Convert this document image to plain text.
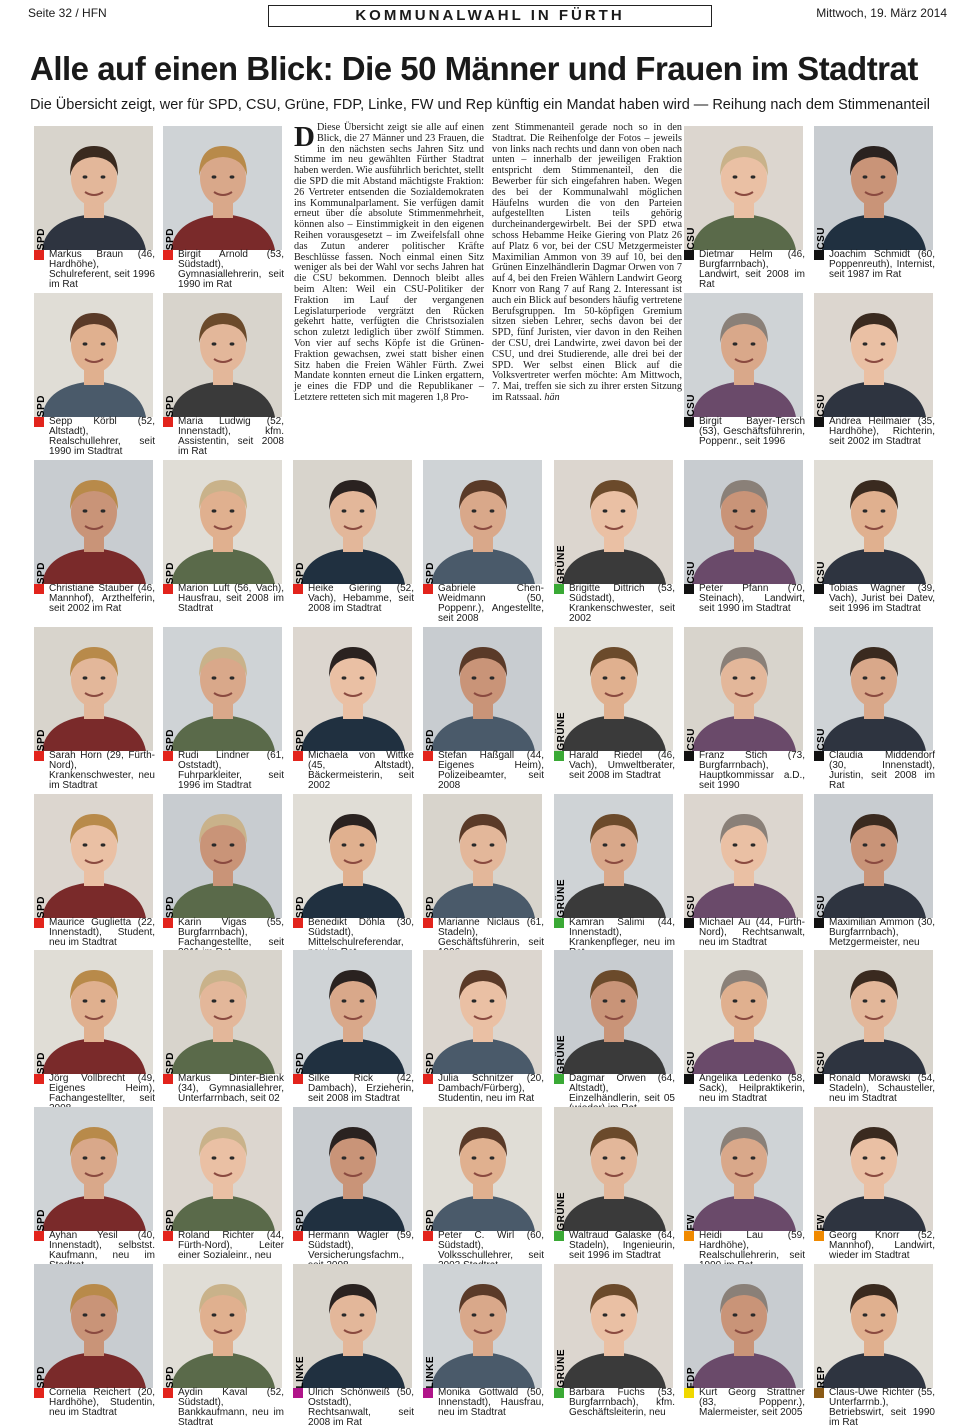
Seite 32 / HFN	KOMMUNALWAHL IN FÜRTH	Mittwoch, 19. März 2014
Alle auf einen Blick: Die 50 Männer und Frauen im Stadtrat
Die Übersicht zeigt, wer für SPD, CSU, Grüne, FDP, Linke, FW und Rep künftig ein Mandat haben wird — Reihung nach dem Stimmenanteil

D Diese Übersicht zeigt sie alle auf einen Blick, die 27 Männer und 23 Frauen, die in den nächsten sechs Jahren Sitz und Stimme im neu gewählten Fürther Stadtrat haben werden. Wie ausführlich berichtet, stellt die SPD die mit Abstand mächtigste Fraktion: 26 Vertreter entsenden die Sozialdemokraten ins Kommunalparlament. Sie verfügen damit erneut über die absolute Stimmenmehrheit, können also – Einstimmigkeit in den eigenen Reihen vorausgesetzt – im Zweifelsfall ohne das Zutun anderer politischer Kräfte Beschlüsse fassen. Noch einmal einen Sitz weniger als bei der Wahl vor sechs Jahren hat die CSU bekommen. Dennoch bleibt alles beim Alten: Weil ein CSU-Politiker der Fraktion im Lauf der vergangenen Legislaturperiode vergrätzt den Rücken gekehrt hatte, verfügten die Christsozialen schon zuletzt lediglich über zwölf Stimmen. Von vier auf sechs Köpfe ist die Grünen-Fraktion gewachsen, zwei statt bisher einen Sitz haben die Freien Wähler Fürth. Zwei Mandate konnten erneut die Linken ergattern, je eines die FDP und die Republikaner – Letztere retteten sich mit mageren 1,8 Pro-

zent Stimmenanteil gerade noch so in den Stadtrat. Die Reihenfolge der Fotos – jeweils von links nach rechts und dann von oben nach unten – innerhalb der jeweiligen Fraktion entspricht dem Stimmenanteil, den die Bewerber für sich eingefahren haben. Wegen des bei der Kommunalwahl möglichen Häufelns wurden die von den Parteien aufgestellten Listen teils gehörig durcheinandergewirbelt. Bei der SPD etwa schoss Hebamme Heike Giering von Platz 26 auf Platz 6 vor, bei der CSU Metzgermeister Maximilian Ammon von 39 auf 10, bei den Grünen Einzelhändlerin Dagmar Orwen von 7 auf 4, bei den Freien Wählern Landwirt Georg Knorr von Rang 7 auf Rang 2. Interessant ist auch ein Blick auf besonders häufig vertretene Berufsgruppen. Im 50-köpfigen Gremium sitzen sieben Lehrer, sechs davon bei der SPD, fünf Juristen, vier davon in den Reihen der CSU, drei Landwirte, zwei davon bei der CSU, und drei Studierende, alle drei bei der SPD. Wer selbst einen Blick auf die Volksvertreter werfen möchte: Am Mittwoch, 7. Mai, treffen sie sich zu ihrer ersten Sitzung im Ratssaal. hän

SPD
Markus Braun (46, Hardhöhe), Schulreferent, seit 1996 im Rat
SPD
Birgit Arnold (53, Südstadt), Gymnasiallehrerin, seit 1990 im Rat
CSU
Dietmar Helm (46, Burgfarrnbach), Landwirt, seit 2008 im Rat
CSU
Joachim Schmidt (60, Poppenreuth), Internist, seit 1987 im Rat
SPD
Sepp Körbl (52, Altstadt), Realschullehrer, seit 1990 im Stadtrat
SPD
Maria Ludwig (52, Innenstadt), kfm. Assistentin, seit 2008 im Rat
CSU
Birgit Bayer-Tersch (53), Geschäftsführerin, Poppenr., seit 1996
CSU
Andrea Heilmaier (35, Hardhöhe), Richterin, seit 2002 im Stadtrat
SPD
Christiane Stauber (46, Mannhof), Arzthelferin, seit 2002 im Rat
SPD
Marion Luft (56, Vach), Hausfrau, seit 2008 im Stadtrat
SPD
Heike Giering (52, Vach), Hebamme, seit 2008 im Stadtrat
SPD
Gabriele Chen-Weidmann (50, Poppenr.), Angestellte, seit 2008
GRÜNE
Brigitte Dittrich (53, Südstadt), Krankenschwester, seit 2002
CSU
Peter Pfann (70, Steinach), Landwirt, seit 1990 im Stadtrat
CSU
Tobias Wagner (39, Vach), Jurist bei Datev, seit 1996 im Stadtrat
SPD
Sarah Horn (29, Fürth-Nord), Krankenschwester, neu im Stadtrat
SPD
Rudi Lindner (61, Oststadt), Fuhrparkleiter, seit 1996 im Stadtrat
SPD
Michaela von Wittke (45, Altstadt), Bäckermeisterin, seit 2002
SPD
Stefan Haßgall (44, Eigenes Heim), Polizeibeamter, seit 2008
GRÜNE
Harald Riedel (46, Vach), Umweltberater, seit 2008 im Stadtrat
CSU
Franz Stich (73, Burgfarrnbach), Hauptkommissar a.D., seit 1990
CSU
Claudia Middendorf (30, Innenstadt), Juristin, seit 2008 im Rat
SPD
Maurice Guglietta (22, Innenstadt), Student, neu im Stadtrat
SPD
Karin Vigas (55, Burgfarrnbach), Fachangestellte, seit
SPD
Benedikt Döhla (30, Südstadt), Mittelschulreferendar,
SPD
Marianne Niclaus (61, Stadeln), Geschäftsführerin, seit
GRÜNE
Kamran Salimi (44, Innenstadt), Krankenpfleger, neu im
CSU
Michael Au (44, Fürth-Nord), Rechtsanwalt, neu im Stadtrat
CSU
Maximilian Ammon (30, Burgfarrnbach), Metzgermeister, neu
SPD
Jörg Vollbrecht (49, Eigenes Heim), Fachangestellter, seit
SPD
Markus Dinter-Bienk (34), Gymnasiallehrer, Unterfarrnbach, seit 02
SPD
Silke Rick (42, Dambach), Erzieherin, seit 2008 im Stadtrat
SPD
Julia Schnitzer (20, Dambach/Fürberg), Studentin, neu im Rat
GRÜNE
Dagmar Orwen (64, Altstadt), Einzelhändlerin, seit 05
CSU
Angelika Ledenko (58, Sack), Heilpraktikerin, neu im Stadtrat
CSU
Ronald Morawski (54, Stadeln), Schausteller, neu im Stadtrat
SPD
Ayhan Yesil (40, Innenstadt), selbstst. Kaufmann, neu im
SPD
Roland Richter (44, Fürth-Nord), Leiter einer Sozialeinr., neu
SPD
Hermann Wagler (59, Südstadt), Versicherungsfachm.,
SPD
Peter C. Wirl (60, Südstadt), Volksschullehrer, seit
GRÜNE
Waltraud Galaske (64, Stadeln), Ingenieurin, seit 1996 im Stadtrat
FW
Heidi Lau (59, Hardhöhe), Realschullehrerin, seit
FW
Georg Knorr (52, Mannhof), Landwirt, wieder im Stadtrat
SPD
Cornelia Reichert (20, Hardhöhe), Studentin, neu im Stadtrat
SPD
Aydin Kaval (52, Südstadt), Bankkaufmann, neu im Stadtrat
LINKE
Ulrich Schönweiß (50, Oststadt), Rechtsanwalt, seit 2008 im Rat
LINKE
Monika Gottwald (50, Innenstadt), Hausfrau, neu im Stadtrat
GRÜNE
Barbara Fuchs (53, Burgfarrnbach), kfm. Geschäftsleiterin, neu
FDP
Kurt Georg Strattner (83, Poppenr.), Malermeister, seit 2005
REP
Claus-Uwe Richter (55, Unterfarrnb.), Betriebswirt, seit 1990 im Rat
